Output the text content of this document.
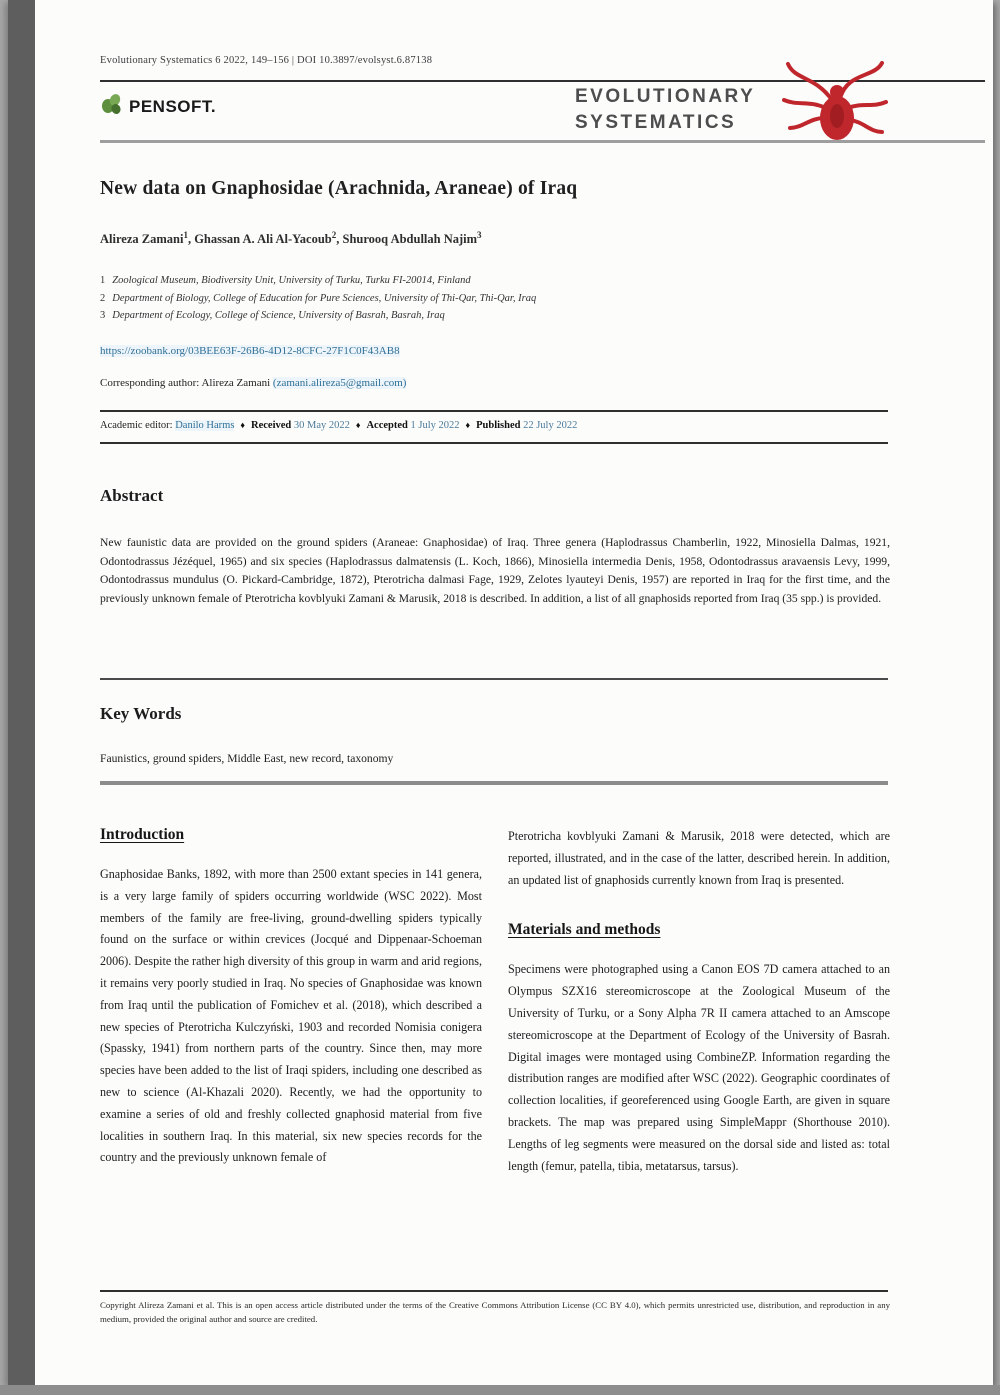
Evolutionary Systematics 6 2022, 149–156 | DOI 10.3897/evolsyst.6.87138
PENSOFT.	EVOLUTIONARY
SYSTEMATICS
New data on Gnaphosidae (Arachnida, Araneae) of Iraq
Alireza Zamani$^1$, Ghassan A. Ali Al-Yacoub$^2$, Shurooq Abdullah Najim$^3$
1 Zoological Museum, Biodiversity Unit, University of Turku, Turku FI-20014, Finland
2 Department of Biology, College of Education for Pure Sciences, University of Thi-Qar, Thi-Qar, Iraq
3 Department of Ecology, College of Science, University of Basrah, Basrah, Iraq
https://zoobank.org/03BEE63F-26B6-4D12-8CFC-27F1C0F43AB8
Corresponding author: Alireza Zamani (zamani.alireza5@gmail.com)
Academic editor: Danilo Harms ♦ Received 30 May 2022 ♦ Accepted 1 July 2022 ♦ Published 22 July 2022
Abstract
New faunistic data are provided on the ground spiders (Araneae: Gnaphosidae) of Iraq. Three genera (Haplodrassus Chamberlin, 1922, Minosiella Dalmas, 1921, Odontodrassus Jézéquel, 1965) and six species (Haplodrassus dalmatensis (L. Koch, 1866), Minosiella intermedia Denis, 1958, Odontodrassus aravaensis Levy, 1999, Odontodrassus mundulus (O. Pickard-Cambridge, 1872), Pterotricha dalmasi Fage, 1929, Zelotes lyauteyi Denis, 1957) are reported in Iraq for the first time, and the previously unknown female of Pterotricha kovblyuki Zamani & Marusik, 2018 is described. In addition, a list of all gnaphosids reported from Iraq (35 spp.) is provided.
Key Words
Faunistics, ground spiders, Middle East, new record, taxonomy
Introduction
Gnaphosidae Banks, 1892, with more than 2500 extant species in 141 genera, is a very large family of spiders occurring worldwide (WSC 2022). Most members of the family are free-living, ground-dwelling spiders typically found on the surface or within crevices (Jocqué and Dippenaar-Schoeman 2006). Despite the rather high diversity of this group in warm and arid regions, it remains very poorly studied in Iraq. No species of Gnaphosidae was known from Iraq until the publication of Fomichev et al. (2018), which described a new species of Pterotricha Kulczyński, 1903 and recorded Nomisia conigera (Spassky, 1941) from northern parts of the country. Since then, may more species have been added to the list of Iraqi spiders, including one described as new to science (Al-Khazali 2020). Recently, we had the opportunity to examine a series of old and freshly collected gnaphosid material from five localities in southern Iraq. In this material, six new species records for the country and the previously unknown female of
Pterotricha kovblyuki Zamani & Marusik, 2018 were detected, which are reported, illustrated, and in the case of the latter, described herein. In addition, an updated list of gnaphosids currently known from Iraq is presented.
Materials and methods
Specimens were photographed using a Canon EOS 7D camera attached to an Olympus SZX16 stereomicroscope at the Zoological Museum of the University of Turku, or a Sony Alpha 7R II camera attached to an Amscope stereomicroscope at the Department of Ecology of the University of Basrah. Digital images were montaged using CombineZP. Information regarding the distribution ranges are modified after WSC (2022). Geographic coordinates of collection localities, if georeferenced using Google Earth, are given in square brackets. The map was prepared using SimpleMappr (Shorthouse 2010). Lengths of leg segments were measured on the dorsal side and listed as: total length (femur, patella, tibia, metatarsus, tarsus).
Copyright Alireza Zamani et al. This is an open access article distributed under the terms of the Creative Commons Attribution License (CC BY 4.0), which permits unrestricted use, distribution, and reproduction in any medium, provided the original author and source are credited.
